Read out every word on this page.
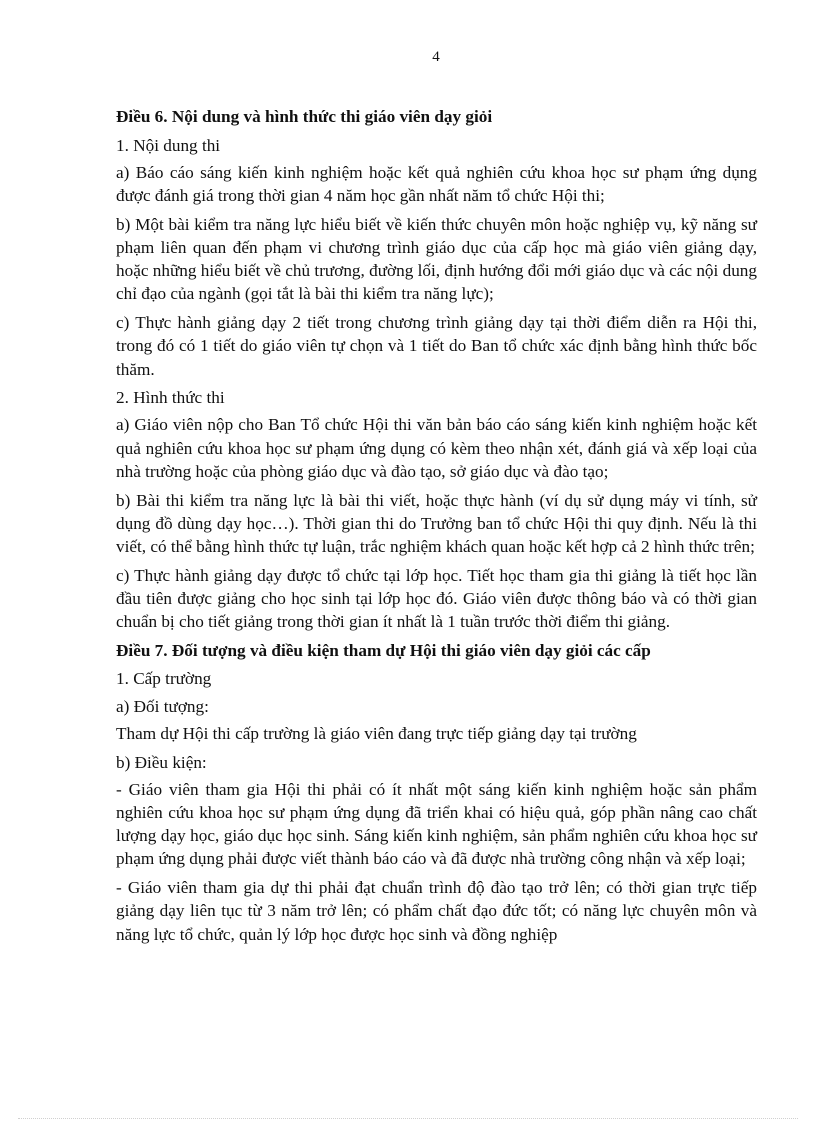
4

Điều 6. Nội dung và hình thức thi giáo viên dạy giỏi

1. Nội dung thi

a) Báo cáo sáng kiến kinh nghiệm hoặc kết quả nghiên cứu khoa học sư phạm ứng dụng được đánh giá trong thời gian 4 năm học gần nhất năm tổ chức Hội thi;

b) Một bài kiểm tra năng lực hiểu biết về kiến thức chuyên môn hoặc nghiệp vụ, kỹ năng sư phạm liên quan đến phạm vi chương trình giáo dục của cấp học mà giáo viên giảng dạy, hoặc những hiểu biết về chủ trương, đường lối, định hướng đổi mới giáo dục và các nội dung chỉ đạo của ngành (gọi tắt là bài thi kiểm tra năng lực);

c) Thực hành giảng dạy 2 tiết trong chương trình giảng dạy tại thời điểm diễn ra Hội thi, trong đó có 1 tiết do giáo viên tự chọn và 1 tiết do Ban tổ chức xác định bằng hình thức bốc thăm.

2. Hình thức thi

a) Giáo viên nộp cho Ban Tổ chức Hội thi văn bản báo cáo sáng kiến kinh nghiệm hoặc kết quả nghiên cứu khoa học sư phạm ứng dụng có kèm theo nhận xét, đánh giá và xếp loại của nhà trường hoặc của phòng giáo dục và đào tạo, sở giáo dục và đào tạo;

b) Bài thi kiểm tra năng lực là bài thi viết, hoặc thực hành (ví dụ sử dụng máy vi tính, sử dụng đồ dùng dạy học…). Thời gian thi do Trưởng ban tổ chức Hội thi quy định. Nếu là thi viết, có thể bằng hình thức tự luận, trắc nghiệm khách quan hoặc kết hợp cả 2 hình thức trên;

c) Thực hành giảng dạy được tổ chức tại lớp học. Tiết học tham gia thi giảng là tiết học lần đầu tiên được giảng cho học sinh tại lớp học đó. Giáo viên được thông báo và có thời gian chuẩn bị cho tiết giảng trong thời gian ít nhất là 1 tuần trước thời điểm thi giảng.

Điều 7. Đối tượng và điều kiện tham dự Hội thi giáo viên dạy giỏi các cấp

1. Cấp trường

a) Đối tượng:

Tham dự Hội thi cấp trường là giáo viên đang trực tiếp giảng dạy tại trường

b) Điều kiện:

- Giáo viên tham gia Hội thi phải có ít nhất một sáng kiến kinh nghiệm hoặc sản phẩm nghiên cứu khoa học sư phạm ứng dụng đã triển khai có hiệu quả, góp phần nâng cao chất lượng dạy học, giáo dục học sinh. Sáng kiến kinh nghiệm, sản phẩm nghiên cứu khoa học sư phạm ứng dụng phải được viết thành báo cáo và đã được nhà trường công nhận và xếp loại;

- Giáo viên tham gia dự thi phải đạt chuẩn trình độ đào tạo trở lên; có thời gian trực tiếp giảng dạy liên tục từ 3 năm trở lên; có phẩm chất đạo đức tốt; có năng lực chuyên môn và năng lực tổ chức, quản lý lớp học được học sinh và đồng nghiệp
